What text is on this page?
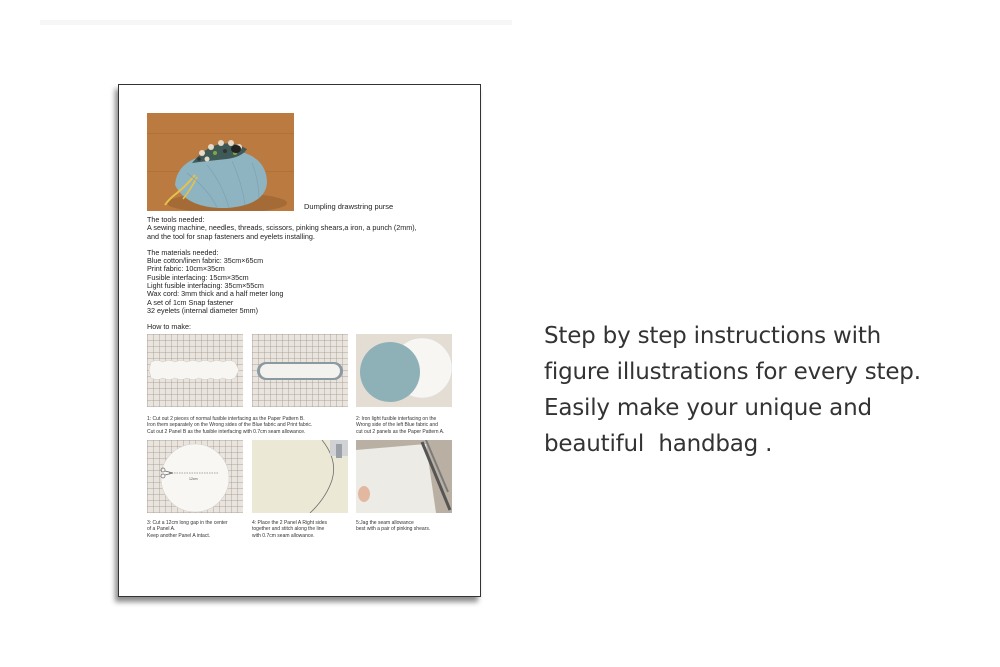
Dumpling drawstring purse

The tools needed:
A sewing machine, needles, threads, scissors, pinking shears,a iron, a punch (2mm),
and the tool for snap fasteners and eyelets installing.

The materials needed:
Blue cotton/linen fabric: 35cm×65cm
Print fabric: 10cm×35cm
Fusible interfacing: 15cm×35cm
Light fusible interfacing: 35cm×55cm
Wax cord: 3mm thick and a half meter long
A set of 1cm Snap fastener
32 eyelets (internal diameter 5mm)

How to make:
1: Cut out 2 pieces of normal fusible interfacing as the Paper Pattern B.
Iron them separately on the Wrong sides of the Blue fabric and Print fabric.
Cut out 2 Panel B as the fusible interfacing with 0.7cm seam allowance.
2: Iron light fusible interfacing on the
Wrong side of the left Blue fabric and
cut out 2 panels as the Paper Pattern A.
12cm
3: Cut a 12cm long gap in the center
of a Panel A.
Keep another Panel A intact.
4: Place the 2 Panel A Right sides
together and stitch along the line
with 0.7cm seam allowance.
5:Jag the seam allowance
best with a pair of pinking shears.
Step by step instructions with
figure illustrations for every step.
Easily make your unique and
beautiful  handbag .
